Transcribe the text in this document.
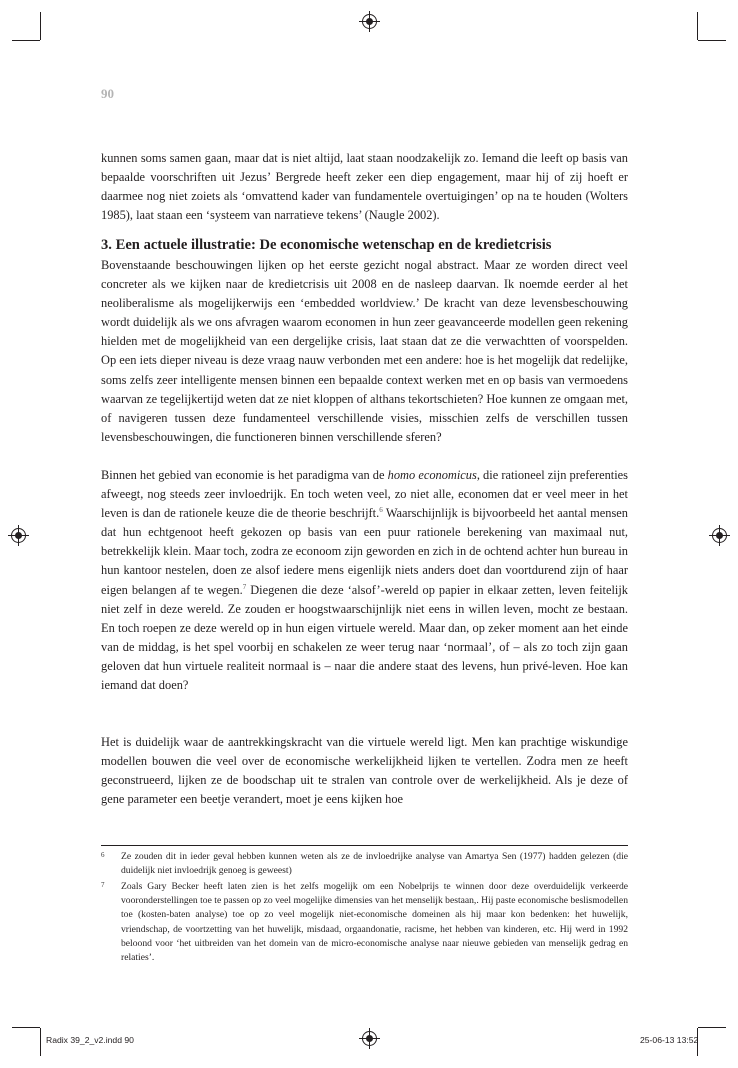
90

kunnen soms samen gaan, maar dat is niet altijd, laat staan noodzakelijk zo. Iemand die leeft op basis van bepaalde voorschriften uit Jezus’ Bergrede heeft zeker een diep engagement, maar hij of zij hoeft er daarmee nog niet zoiets als ‘omvattend kader van fundamentele overtuigingen’ op na te houden (Wolters 1985), laat staan een ‘systeem van narratieve tekens’ (Naugle 2002).

3. Een actuele illustratie: De economische wetenschap en de kredietcrisis

Bovenstaande beschouwingen lijken op het eerste gezicht nogal abstract. Maar ze worden direct veel concreter als we kijken naar de kredietcrisis uit 2008 en de nasleep daarvan. Ik noemde eerder al het neoliberalisme als mogelijkerwijs een ‘embedded worldview.’ De kracht van deze levensbeschouwing wordt duidelijk als we ons afvragen waarom economen in hun zeer geavanceerde modellen geen rekening hielden met de mogelijkheid van een dergelijke crisis, laat staan dat ze die verwachtten of voorspelden. Op een iets dieper niveau is deze vraag nauw verbonden met een andere: hoe is het mogelijk dat redelijke, soms zelfs zeer intelligente mensen binnen een bepaalde context werken met en op basis van vermoedens waarvan ze tegelijkertijd weten dat ze niet kloppen of althans tekortschieten? Hoe kunnen ze omgaan met, of navigeren tussen deze fundamenteel verschillende visies, misschien zelfs de verschillen tussen levensbeschouwingen, die functioneren binnen verschillende sferen?

Binnen het gebied van economie is het paradigma van de homo economicus, die rationeel zijn preferenties afweegt, nog steeds zeer invloedrijk. En toch weten veel, zo niet alle, economen dat er veel meer in het leven is dan de rationele keuze die de theorie beschrijft.$^6$ Waarschijnlijk is bijvoorbeeld het aantal mensen dat hun echtgenoot heeft gekozen op basis van een puur rationele berekening van maximaal nut, betrekkelijk klein. Maar toch, zodra ze econoom zijn geworden en zich in de ochtend achter hun bureau in hun kantoor nestelen, doen ze alsof iedere mens eigenlijk niets anders doet dan voortdurend zijn of haar eigen belangen af te wegen.$^7$ Diegenen die deze ‘alsof’-wereld op papier in elkaar zetten, leven feitelijk niet zelf in deze wereld. Ze zouden er hoogstwaarschijnlijk niet eens in willen leven, mocht ze bestaan. En toch roepen ze deze wereld op in hun eigen virtuele wereld. Maar dan, op zeker moment aan het einde van de middag, is het spel voorbij en schakelen ze weer terug naar ‘normaal’, of – als zo toch zijn gaan geloven dat hun virtuele realiteit normaal is – naar die andere staat des levens, hun privé-leven. Hoe kan iemand dat doen?

Het is duidelijk waar de aantrekkingskracht van die virtuele wereld ligt. Men kan prachtige wiskundige modellen bouwen die veel over de economische werkelijkheid lijken te vertellen. Zodra men ze heeft geconstrueerd, lijken ze de boodschap uit te stralen van controle over de werkelijkheid. Als je deze of gene parameter een beetje verandert, moet je eens kijken hoe

6 Ze zouden dit in ieder geval hebben kunnen weten als ze de invloedrijke analyse van Amartya Sen (1977) hadden gelezen (die duidelijk niet invloedrijk genoeg is geweest)
7 Zoals Gary Becker heeft laten zien is het zelfs mogelijk om een Nobelprijs te winnen door deze overduidelijk verkeerde vooronderstellingen toe te passen op zo veel mogelijke dimensies van het menselijk bestaan,. Hij paste economische beslismodellen toe (kosten-baten analyse) toe op zo veel mogelijk niet-economische domeinen als hij maar kon bedenken: het huwelijk, vriendschap, de voortzetting van het huwelijk, misdaad, orgaandonatie, racisme, het hebben van kinderen, etc. Hij werd in 1992 beloond voor ‘het uitbreiden van het domein van de micro-economische analyse naar nieuwe gebieden van menselijk gedrag en relaties’.
Radix 39_2_v2.indd 90	25-06-13 13:52
